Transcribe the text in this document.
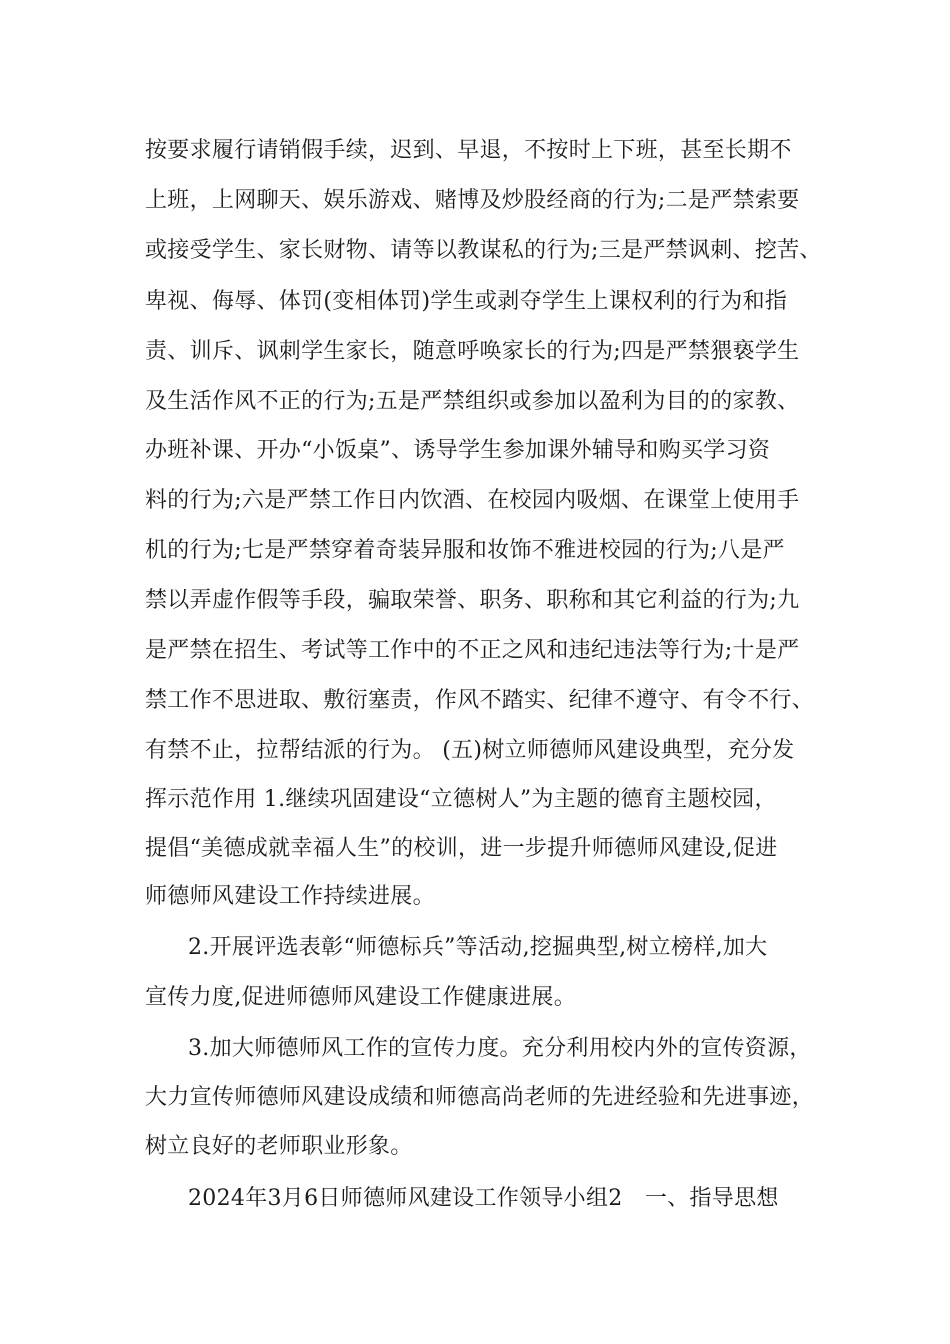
按要求履行请销假手续，迟到、早退，不按时上下班，甚至长期不
上班，上网聊天、娱乐游戏、赌博及炒股经商的行为;二是严禁索要
或接受学生、家长财物、请等以教谋私的行为;三是严禁讽刺、挖苦、
卑视、侮辱、体罚(变相体罚)学生或剥夺学生上课权利的行为和指
责、训斥、讽刺学生家长，随意呼唤家长的行为;四是严禁猥亵学生
及生活作风不正的行为;五是严禁组织或参加以盈利为目的的家教、
办班补课、开办“小饭桌”、诱导学生参加课外辅导和购买学习资
料的行为;六是严禁工作日内饮酒、在校园内吸烟、在课堂上使用手
机的行为;七是严禁穿着奇装异服和妆饰不雅进校园的行为;八是严
禁以弄虚作假等手段，骗取荣誉、职务、职称和其它利益的行为;九
是严禁在招生、考试等工作中的不正之风和违纪违法等行为;十是严
禁工作不思进取、敷衍塞责，作风不踏实、纪律不遵守、有令不行、
有禁不止，拉帮结派的行为。 (五)树立师德师风建设典型，充分发
挥示范作用 1.继续巩固建设“立德树人”为主题的德育主题校园，
提倡“美德成就幸福人生”的校训，进一步提升师德师风建设,促进
师德师风建设工作持续进展。
2.开展评选表彰“师德标兵”等活动,挖掘典型,树立榜样,加大
宣传力度,促进师德师风建设工作健康进展。
3.加大师德师风工作的宣传力度。充分利用校内外的宣传资源，
大力宣传师德师风建设成绩和师德高尚老师的先进经验和先进事迹，
树立良好的老师职业形象。
2024年3月6日师德师风建设工作领导小组2　一、指导思想
